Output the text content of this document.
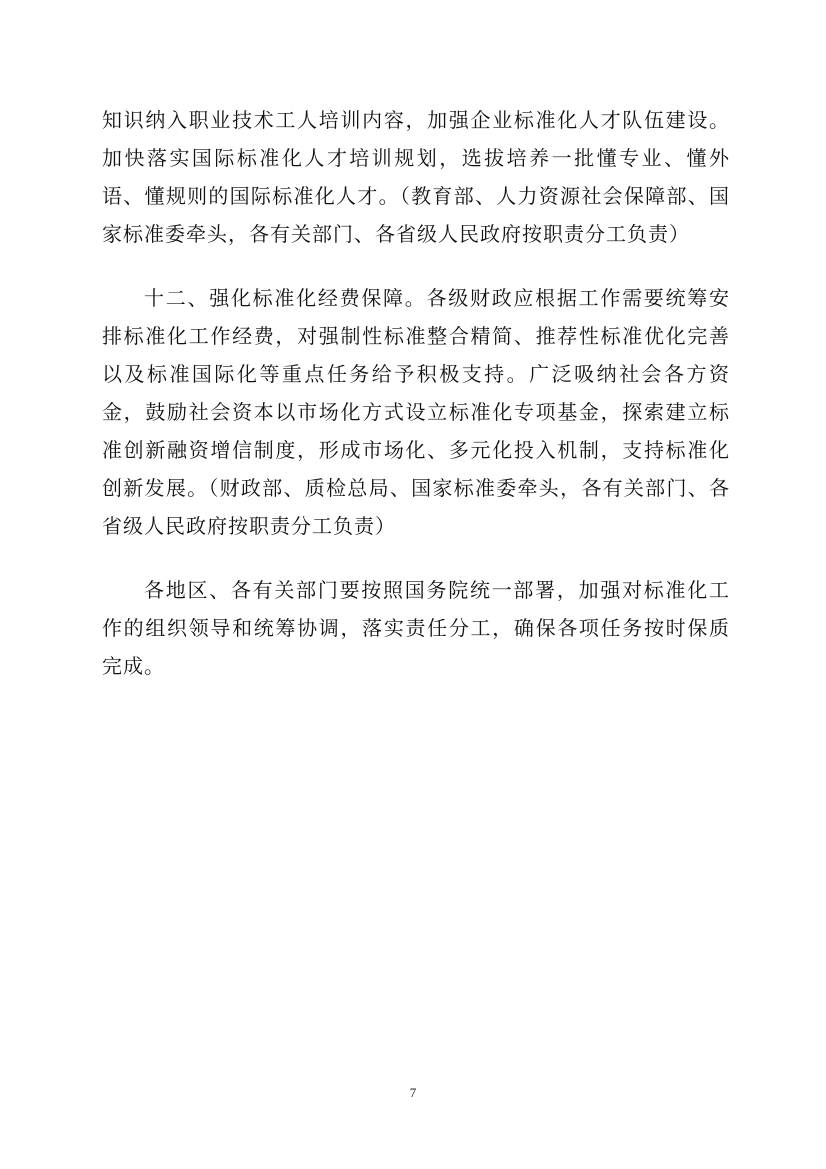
知识纳入职业技术工人培训内容，加强企业标准化人才队伍建设。加快落实国际标准化人才培训规划，选拔培养一批懂专业、懂外语、懂规则的国际标准化人才。（教育部、人力资源社会保障部、国家标准委牵头，各有关部门、各省级人民政府按职责分工负责）

十二、强化标准化经费保障。各级财政应根据工作需要统筹安排标准化工作经费，对强制性标准整合精简、推荐性标准优化完善以及标准国际化等重点任务给予积极支持。广泛吸纳社会各方资金，鼓励社会资本以市场化方式设立标准化专项基金，探索建立标准创新融资增信制度，形成市场化、多元化投入机制，支持标准化创新发展。（财政部、质检总局、国家标准委牵头，各有关部门、各省级人民政府按职责分工负责）

各地区、各有关部门要按照国务院统一部署，加强对标准化工作的组织领导和统筹协调，落实责任分工，确保各项任务按时保质完成。

7
